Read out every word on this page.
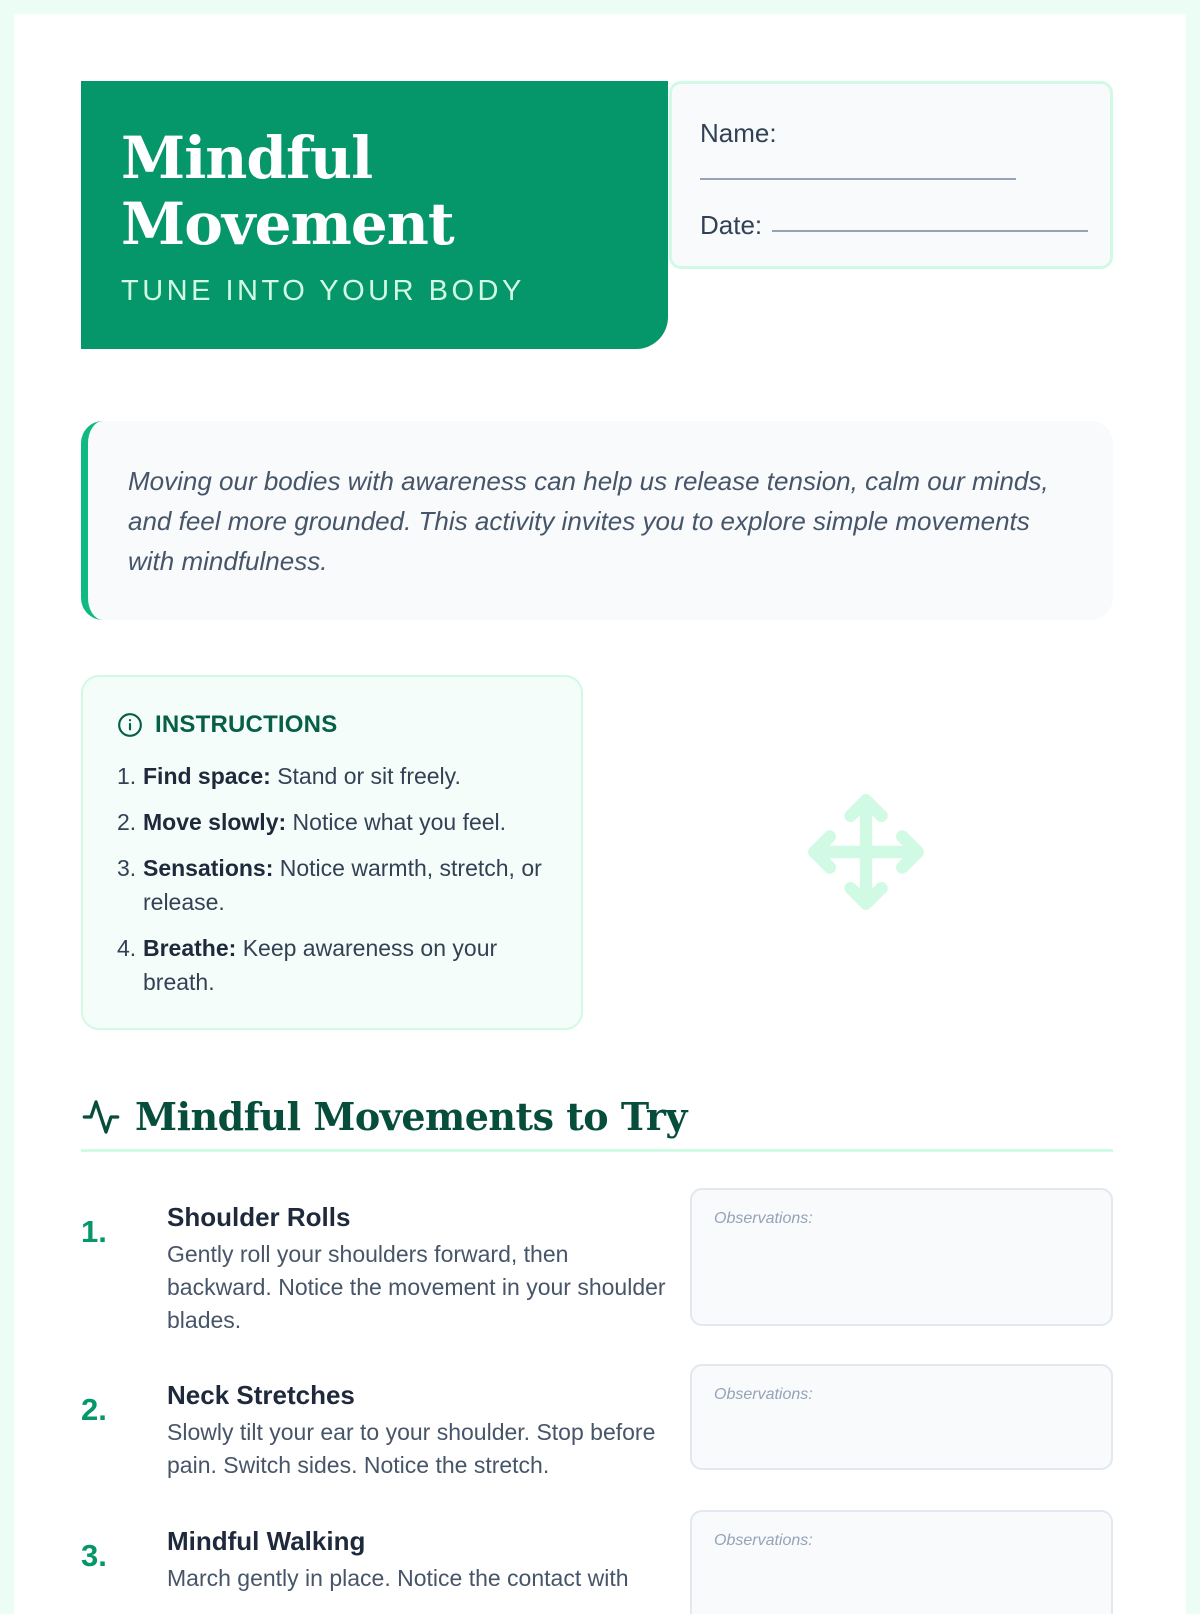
Mindful
Movement
TUNE INTO YOUR BODY
Name:
Date:

Moving our bodies with awareness can help us release tension, calm our minds, and feel more grounded. This activity invites you to explore simple movements with mindfulness.

INSTRUCTIONS
1. Find space: Stand or sit freely.
2. Move slowly: Notice what you feel.
3. Sensations: Notice warmth, stretch, or release.
4. Breathe: Keep awareness on your breath.
Mindful Movements to Try
1. Shoulder Rolls
Gently roll your shoulders forward, then backward. Notice the movement in your shoulder blades.
Observations:
2. Neck Stretches
Slowly tilt your ear to your shoulder. Stop before pain. Switch sides. Notice the stretch.
Observations:
3. Mindful Walking
March gently in place. Notice the contact with
Observations:
